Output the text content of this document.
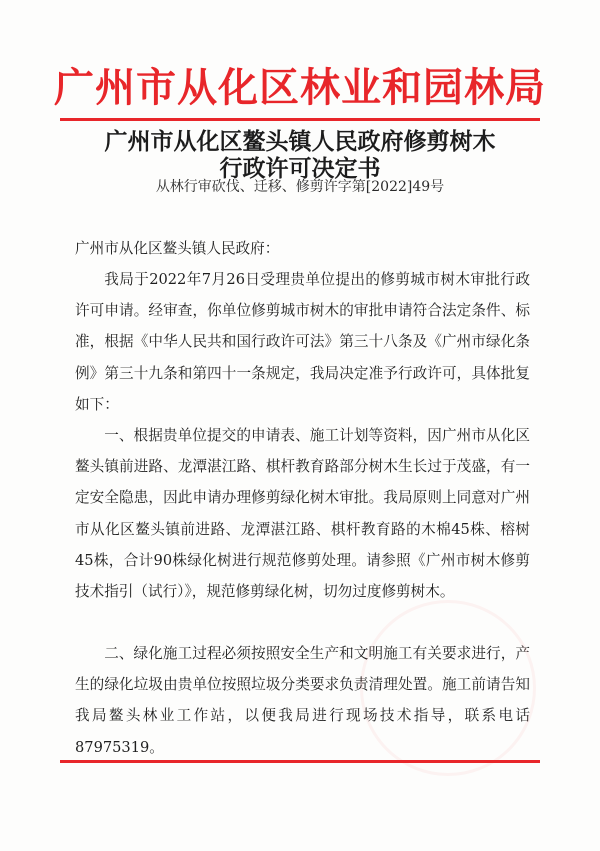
广州市从化区林业和园林局
广州市从化区鳌头镇人民政府修剪树木
行政许可决定书
从林行审砍伐、迁移、修剪许字第[2022]49号
广州市从化区鳌头镇人民政府：

我局于2022年7月26日受理贵单位提出的修剪城市树木审批行政许可申请。经审查，你单位修剪城市树木的审批申请符合法定条件、标准，根据《中华人民共和国行政许可法》第三十八条及《广州市绿化条例》第三十九条和第四十一条规定，我局决定准予行政许可，具体批复如下：

一、根据贵单位提交的申请表、施工计划等资料，因广州市从化区鳌头镇前进路、龙潭湛江路、棋杆教育路部分树木生长过于茂盛，有一定安全隐患，因此申请办理修剪绿化树木审批。我局原则上同意对广州市从化区鳌头镇前进路、龙潭湛江路、棋杆教育路的木棉45株、榕树45株，合计90株绿化树进行规范修剪处理。请参照《广州市树木修剪技术指引（试行）》，规范修剪绿化树，切勿过度修剪树木。

二、绿化施工过程必须按照安全生产和文明施工有关要求进行，产生的绿化垃圾由贵单位按照垃圾分类要求负责清理处置。施工前请告知我局鳌头林业工作站，以便我局进行现场技术指导，联系电话87975319。
